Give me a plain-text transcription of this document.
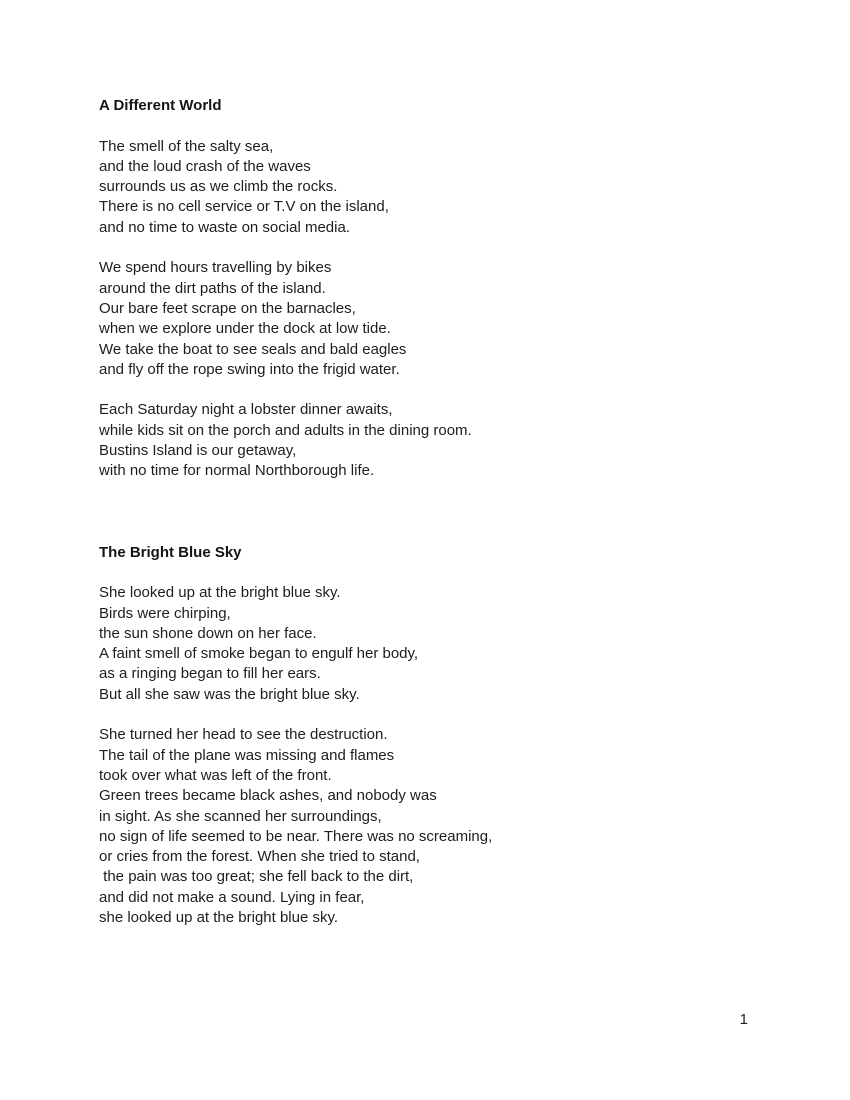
A Different World

The smell of the salty sea,
and the loud crash of the waves
surrounds us as we climb the rocks.
There is no cell service or T.V on the island,
and no time to waste on social media.

We spend hours travelling by bikes
around the dirt paths of the island.
Our bare feet scrape on the barnacles,
when we explore under the dock at low tide.
We take the boat to see seals and bald eagles
and fly off the rope swing into the frigid water.

Each Saturday night a lobster dinner awaits,
while kids sit on the porch and adults in the dining room.
Bustins Island is our getaway,
with no time for normal Northborough life.

The Bright Blue Sky

She looked up at the bright blue sky.
Birds were chirping,
the sun shone down on her face.
A faint smell of smoke began to engulf her body,
as a ringing began to fill her ears.
But all she saw was the bright blue sky.

She turned her head to see the destruction.
The tail of the plane was missing and flames
took over what was left of the front.
Green trees became black ashes, and nobody was
in sight. As she scanned her surroundings,
no sign of life seemed to be near. There was no screaming,
or cries from the forest. When she tried to stand,
the pain was too great; she fell back to the dirt,
and did not make a sound. Lying in fear,
she looked up at the bright blue sky.

1
